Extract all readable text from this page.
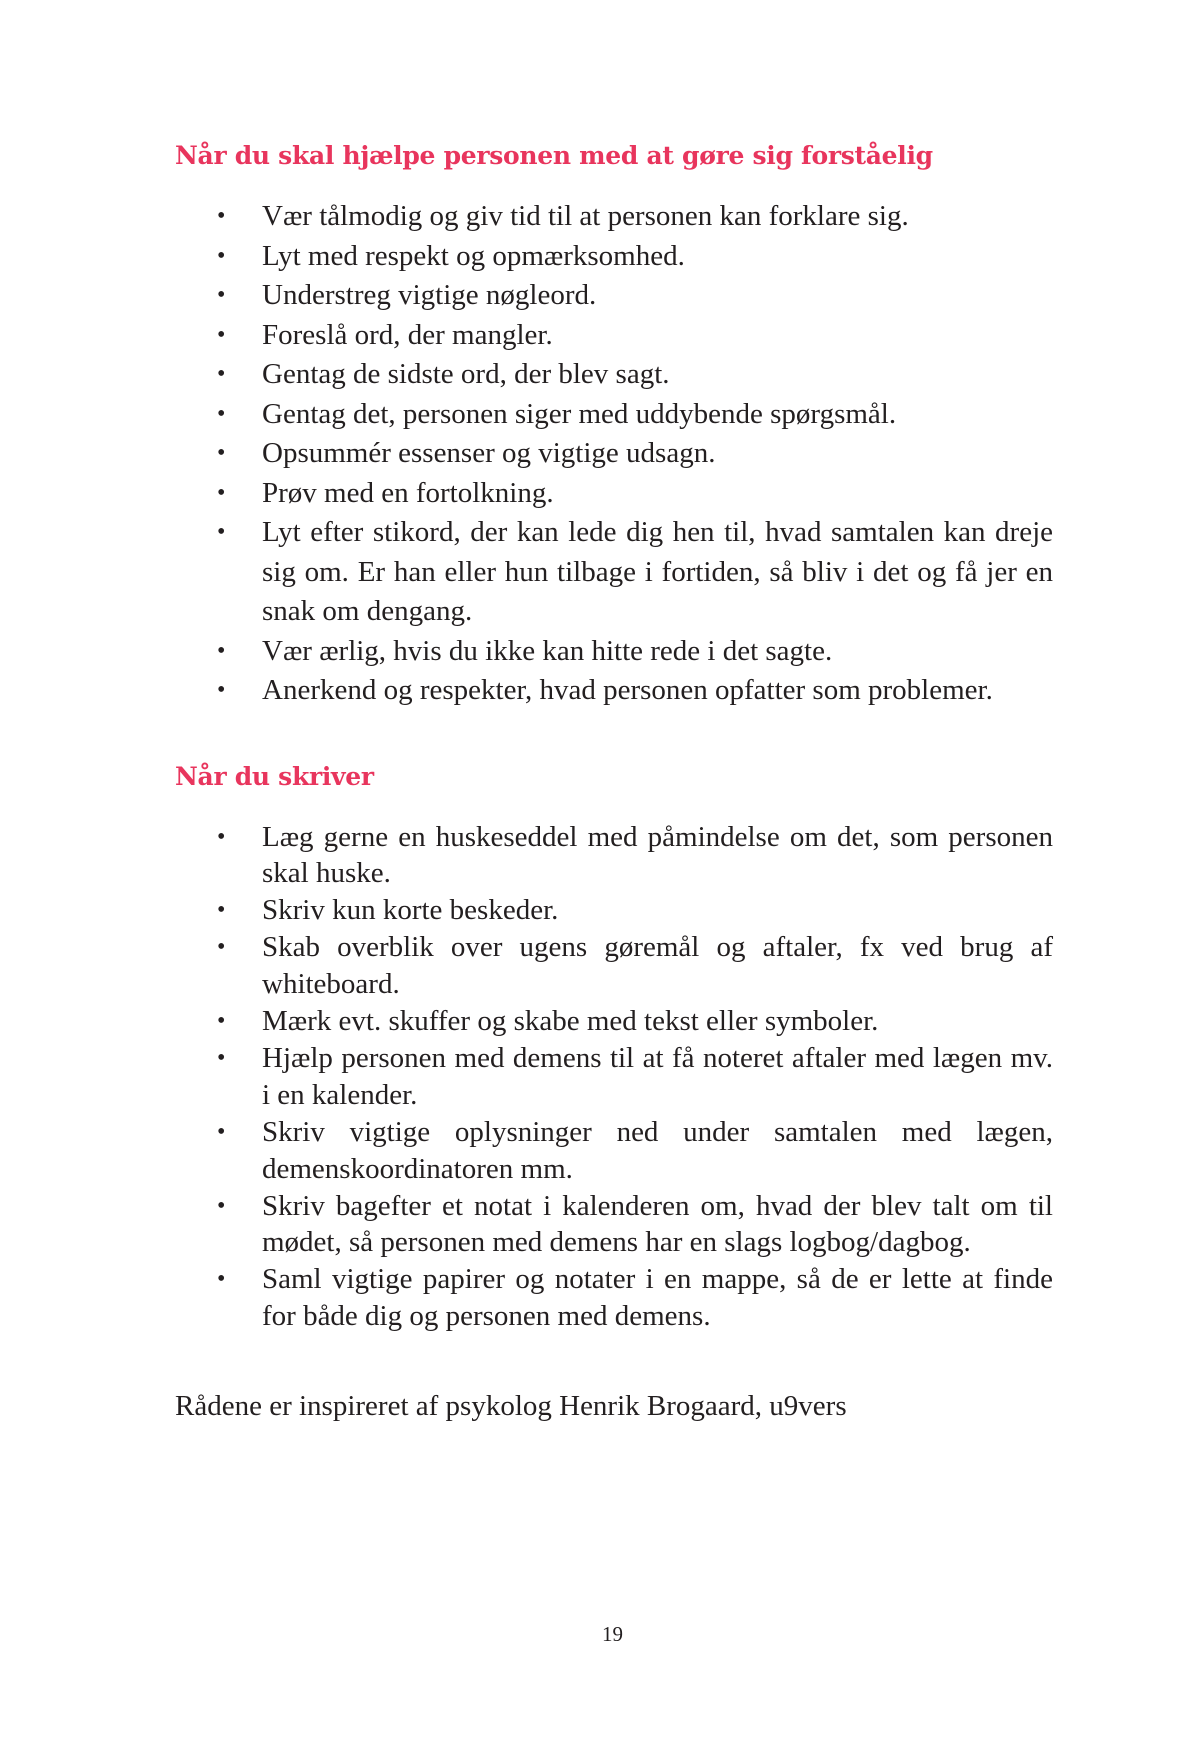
Når du skal hjælpe personen med at gøre sig forståelig
• Vær tålmodig og giv tid til at personen kan forklare sig.
• Lyt med respekt og opmærksomhed.
• Understreg vigtige nøgleord.
• Foreslå ord, der mangler.
• Gentag de sidste ord, der blev sagt.
• Gentag det, personen siger med uddybende spørgsmål.
• Opsummér essenser og vigtige udsagn.
• Prøv med en fortolkning.
• Lyt efter stikord, der kan lede dig hen til, hvad samtalen kan dreje sig om. Er han eller hun tilbage i fortiden, så bliv i det og få jer en snak om dengang.
• Vær ærlig, hvis du ikke kan hitte rede i det sagte.
• Anerkend og respekter, hvad personen opfatter som problemer.
Når du skriver
• Læg gerne en huskeseddel med påmindelse om det, som personen skal huske.
• Skriv kun korte beskeder.
• Skab overblik over ugens gøremål og aftaler, fx ved brug af whiteboard.
• Mærk evt. skuffer og skabe med tekst eller symboler.
• Hjælp personen med demens til at få noteret aftaler med lægen mv. i en kalender.
• Skriv vigtige oplysninger ned under samtalen med lægen, demenskoordinatoren mm.
• Skriv bagefter et notat i kalenderen om, hvad der blev talt om til mødet, så personen med demens har en slags logbog/dagbog.
• Saml vigtige papirer og notater i en mappe, så de er lette at finde for både dig og personen med demens.

Rådene er inspireret af psykolog Henrik Brogaard, u9vers

19
